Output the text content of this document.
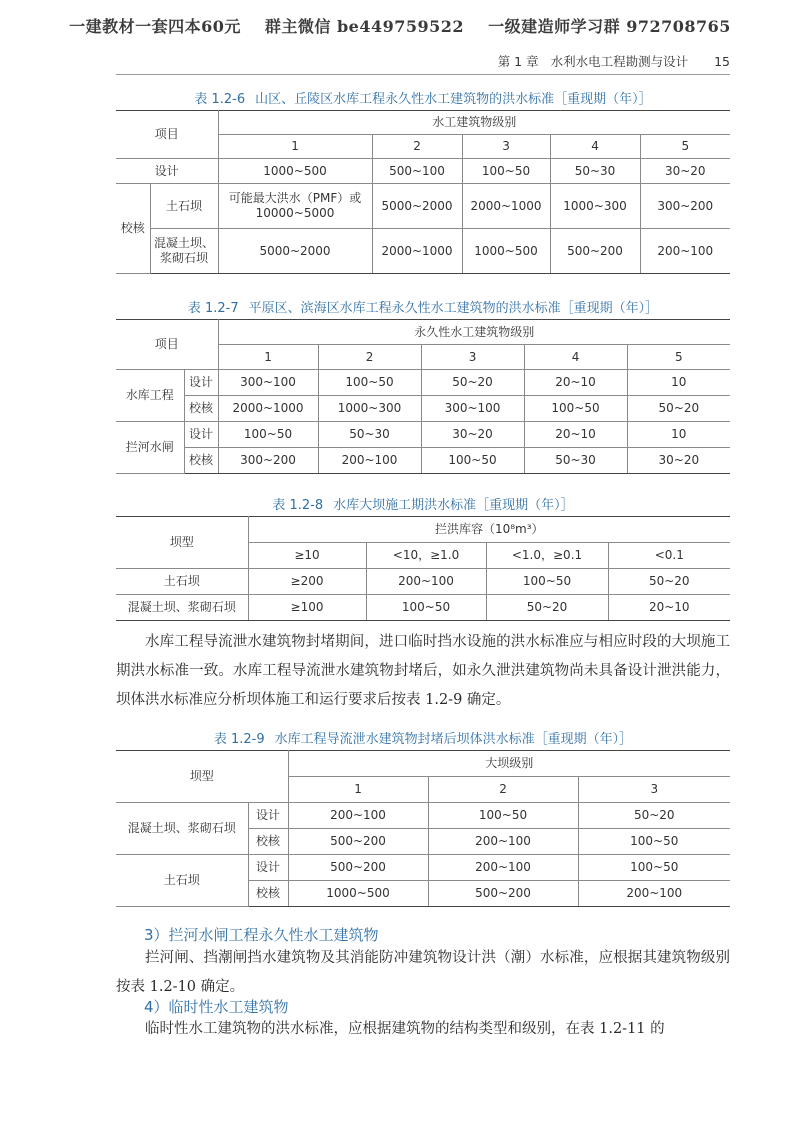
一建教材一套四本60元 群主微信 be449759522 一级建造师学习群 972708765
第 1 章 水利水电工程勘测与设计 15
表 1.2-6 山区、丘陵区水库工程永久性水工建筑物的洪水标准［重现期（年）］
项目		水工建筑物级别				
		1	2	3	4	5
设计		1000~500	500~100	100~50	50~30	30~20
校核	土石坝	可能最大洪水（PMF）或
10000~5000	5000~2000	2000~1000	1000~300	300~200

	混凝土坝、
浆砌石坝	5000~2000	2000~1000	1000~500	500~200	200~100
表 1.2-7 平原区、滨海区水库工程永久性水工建筑物的洪水标准［重现期（年）］
项目		永久性水工建筑物级别				
		1	2	3	4	5
水库工程	设计	300~100	100~50	50~20	20~10	10
	校核	2000~1000	1000~300	300~100	100~50	50~20
拦河水闸	设计	100~50	50~30	30~20	20~10	10
	校核	300~200	200~100	100~50	50~30	30~20
表 1.2-8 水库大坝施工期洪水标准［重现期（年）］
坝型	拦洪库容（10⁸m³）			
	≥10	<10，≥1.0	<1.0，≥0.1	<0.1
土石坝	≥200	200~100	100~50	50~20
混凝土坝、浆砌石坝	≥100	100~50	50~20	20~10

水库工程导流泄水建筑物封堵期间，进口临时挡水设施的洪水标准应与相应时段的大坝施工期洪水标准一致。水库工程导流泄水建筑物封堵后，如永久泄洪建筑物尚未具备设计泄洪能力，坝体洪水标准应分析坝体施工和运行要求后按表 1.2-9 确定。

表 1.2-9 水库工程导流泄水建筑物封堵后坝体洪水标准［重现期（年）］
坝型		大坝级别		
		1	2	3
混凝土坝、浆砌石坝	设计	200~100	100~50	50~20
	校核	500~200	200~100	100~50
土石坝	设计	500~200	200~100	100~50
	校核	1000~500	500~200	200~100
3）拦河水闸工程永久性水工建筑物

拦河闸、挡潮闸挡水建筑物及其消能防冲建筑物设计洪（潮）水标准，应根据其建筑物级别按表 1.2-10 确定。

4）临时性水工建筑物

临时性水工建筑物的洪水标准，应根据建筑物的结构类型和级别，在表 1.2-11 的
